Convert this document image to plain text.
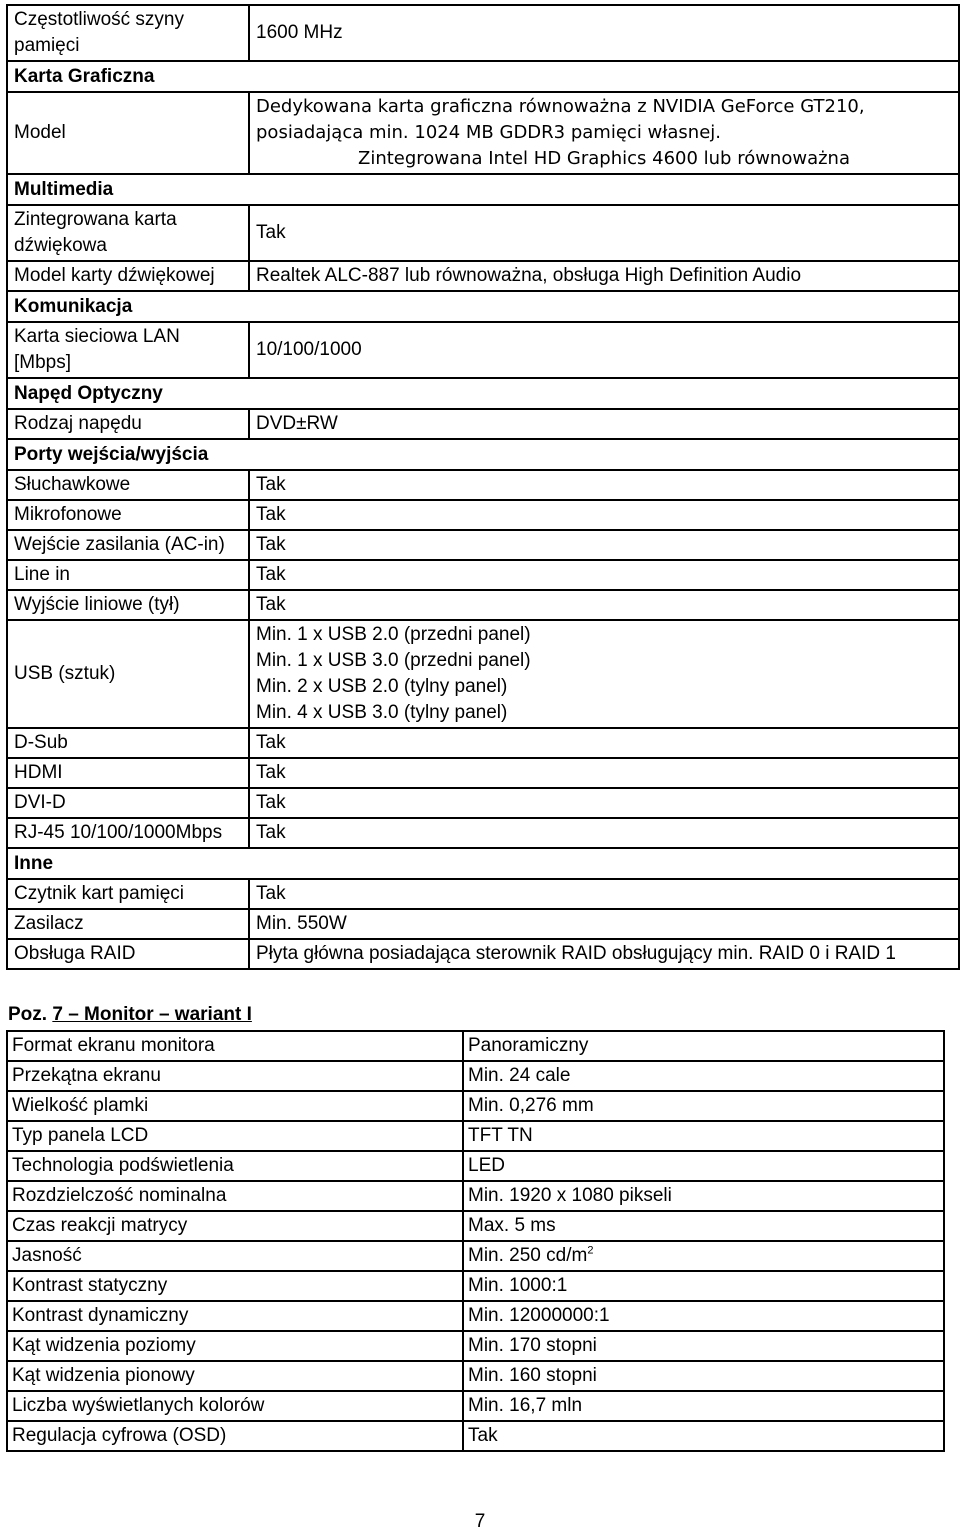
Częstotliwość szyny pamięci	1600 MHz
Karta Graficzna	
Model	Dedykowana karta graficzna równoważna z NVIDIA GeForce GT210,
posiadająca min. 1024 MB GDDR3 pamięci własnej.
Zintegrowana Intel HD Graphics 4600 lub równoważna

Multimedia	
Zintegrowana karta dźwiękowa	Tak
Model karty dźwiękowej	Realtek ALC-887 lub równoważna, obsługa High Definition Audio
Komunikacja	
Karta sieciowa LAN [Mbps]	10/100/1000
Napęd Optyczny	
Rodzaj napędu	DVD±RW
Porty wejścia/wyjścia	
Słuchawkowe	Tak
Mikrofonowe	Tak
Wejście zasilania (AC-in)	Tak
Line in	Tak
Wyjście liniowe (tył)	Tak
USB (sztuk)	Min. 1 x USB 2.0 (przedni panel)
Min. 1 x USB 3.0 (przedni panel)
Min. 2 x USB 2.0 (tylny panel)
Min. 4 x USB 3.0 (tylny panel)

D-Sub	Tak
HDMI	Tak
DVI-D	Tak
RJ-45 10/100/1000Mbps	Tak
Inne	
Czytnik kart pamięci	Tak
Zasilacz	Min. 550W
Obsługa RAID	Płyta główna posiadająca sterownik RAID obsługujący min. RAID 0 i RAID 1
Poz. 7 – Monitor – wariant I
Format ekranu monitora	Panoramiczny
Przekątna ekranu	Min. 24 cale
Wielkość plamki	Min. 0,276 mm
Typ panela LCD	TFT TN
Technologia podświetlenia	LED
Rozdzielczość nominalna	Min. 1920 x 1080 pikseli
Czas reakcji matrycy	Max. 5 ms
Jasność	Min. 250 $cd/m^2$
Kontrast statyczny	Min. 1000:1
Kontrast dynamiczny	Min. 12000000:1
Kąt widzenia poziomy	Min. 170 stopni
Kąt widzenia pionowy	Min. 160 stopni
Liczba wyświetlanych kolorów	Min. 16,7 mln
Regulacja cyfrowa (OSD)	Tak
7
